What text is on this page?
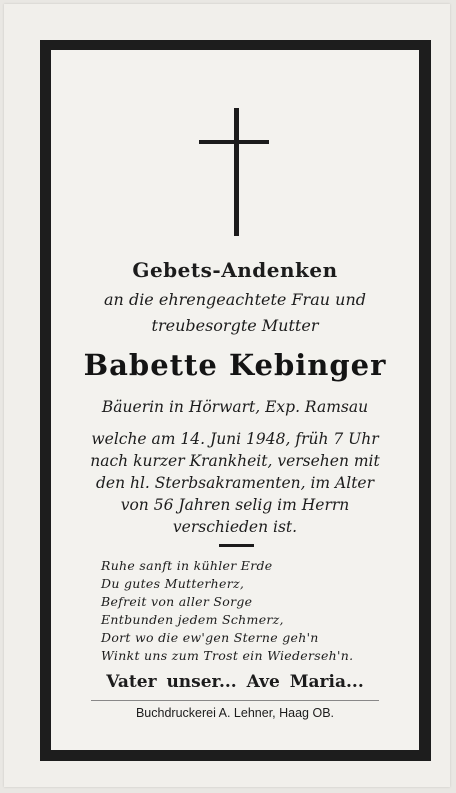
Gebets-Andenken
an die ehrengeachtete Frau und
treubesorgte Mutter
Babette Kebinger
Bäuerin in Hörwart, Exp. Ramsau
welche am 14. Juni 1948, früh 7 Uhr
nach kurzer Krankheit, versehen mit
den hl. Sterbsakramenten, im Alter
von 56 Jahren selig im Herrn
verschieden ist.
Ruhe sanft in kühler Erde
Du gutes Mutterherz,
Befreit von aller Sorge
Entbunden jedem Schmerz,
Dort wo die ew'gen Sterne geh'n
Winkt uns zum Trost ein Wiederseh'n.
Vater unser... Ave Maria...
Buchdruckerei A. Lehner, Haag OB.
